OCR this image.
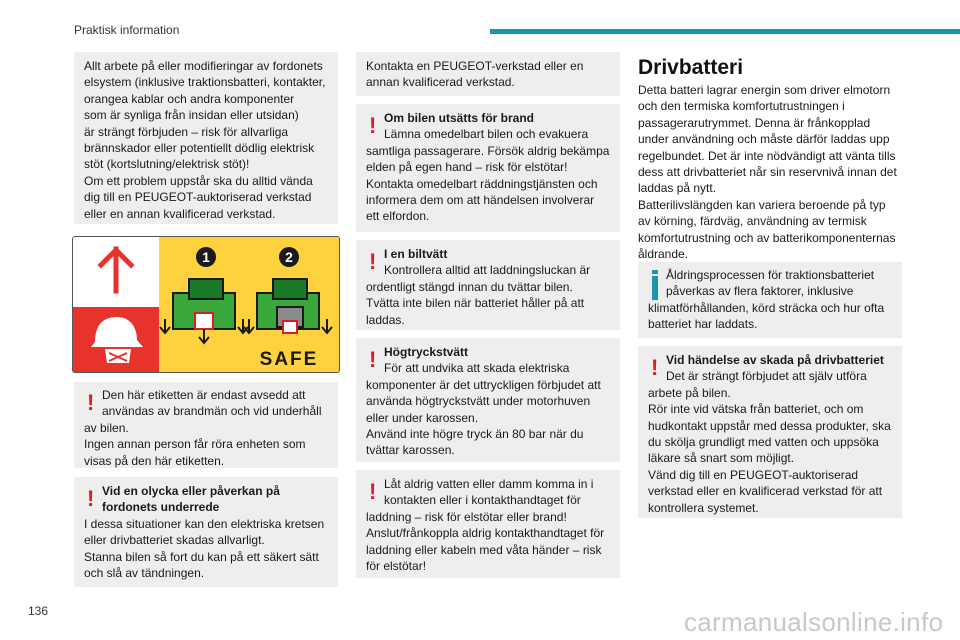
Praktisk information

Allt arbete på eller modifieringar av fordonets

elsystem (inklusive traktionsbatteri, kontakter,

orangea kablar och andra komponenter

som är synliga från insidan eller utsidan)

är strängt förbjuden – risk för allvarliga

brännskador eller potentiellt dödlig elektrisk

stöt (kortslutning/elektrisk stöt)!

Om ett problem uppstår ska du alltid vända

dig till en PEUGEOT-auktoriserad verkstad

eller en annan kvalificerad verkstad.

1	2
SAFE
! Den här etiketten är endast avsedd att

användas av brandmän och vid underhåll

av bilen.

Ingen annan person får röra enheten som

visas på den här etiketten.

! Vid en olycka eller påverkan på

fordonets underrede

I dessa situationer kan den elektriska kretsen

eller drivbatteriet skadas allvarligt.

Stanna bilen så fort du kan på ett säkert sätt

och slå av tändningen.

Kontakta en PEUGEOT-verkstad eller en

annan kvalificerad verkstad.

! Om bilen utsätts för brand

Lämna omedelbart bilen och evakuera

samtliga passagerare. Försök aldrig bekämpa

elden på egen hand – risk för elstötar!

Kontakta omedelbart räddningstjänsten och

informera dem om att händelsen involverar

ett elfordon.

! I en biltvätt

Kontrollera alltid att laddningsluckan är

ordentligt stängd innan du tvättar bilen.

Tvätta inte bilen när batteriet håller på att

laddas.

! Högtryckstvätt

För att undvika att skada elektriska

komponenter är det uttryckligen förbjudet att

använda högtryckstvätt under motorhuven

eller under karossen.

Använd inte högre tryck än 80 bar när du

tvättar karossen.

! Låt aldrig vatten eller damm komma in i

kontakten eller i kontakthandtaget för

laddning – risk för elstötar eller brand!

Anslut/frånkoppla aldrig kontakthandtaget för

laddning eller kabeln med våta händer – risk

för elstötar!

Drivbatteri

Detta batteri lagrar energin som driver elmotorn

och den termiska komfortutrustningen i

passagerarutrymmet. Denna är frånkopplad

under användning och måste därför laddas upp

regelbundet. Det är inte nödvändigt att vänta tills

dess att drivbatteriet når sin reservnivå innan det

laddas på nytt.

Batterilivslängden kan variera beroende på typ

av körning, färdväg, användning av termisk

komfortutrustning och av batterikomponenternas

åldrande.

Åldringsprocessen för traktionsbatteriet

påverkas av flera faktorer, inklusive

klimatförhållanden, körd sträcka och hur ofta

batteriet har laddats.

! Vid händelse av skada på drivbatteriet

Det är strängt förbjudet att själv utföra

arbete på bilen.

Rör inte vid vätska från batteriet, och om

hudkontakt uppstår med dessa produkter, ska

du skölja grundligt med vatten och uppsöka

läkare så snart som möjligt.

Vänd dig till en PEUGEOT-auktoriserad

verkstad eller en kvalificerad verkstad för att

kontrollera systemet.

136	carmanualsonline.info
